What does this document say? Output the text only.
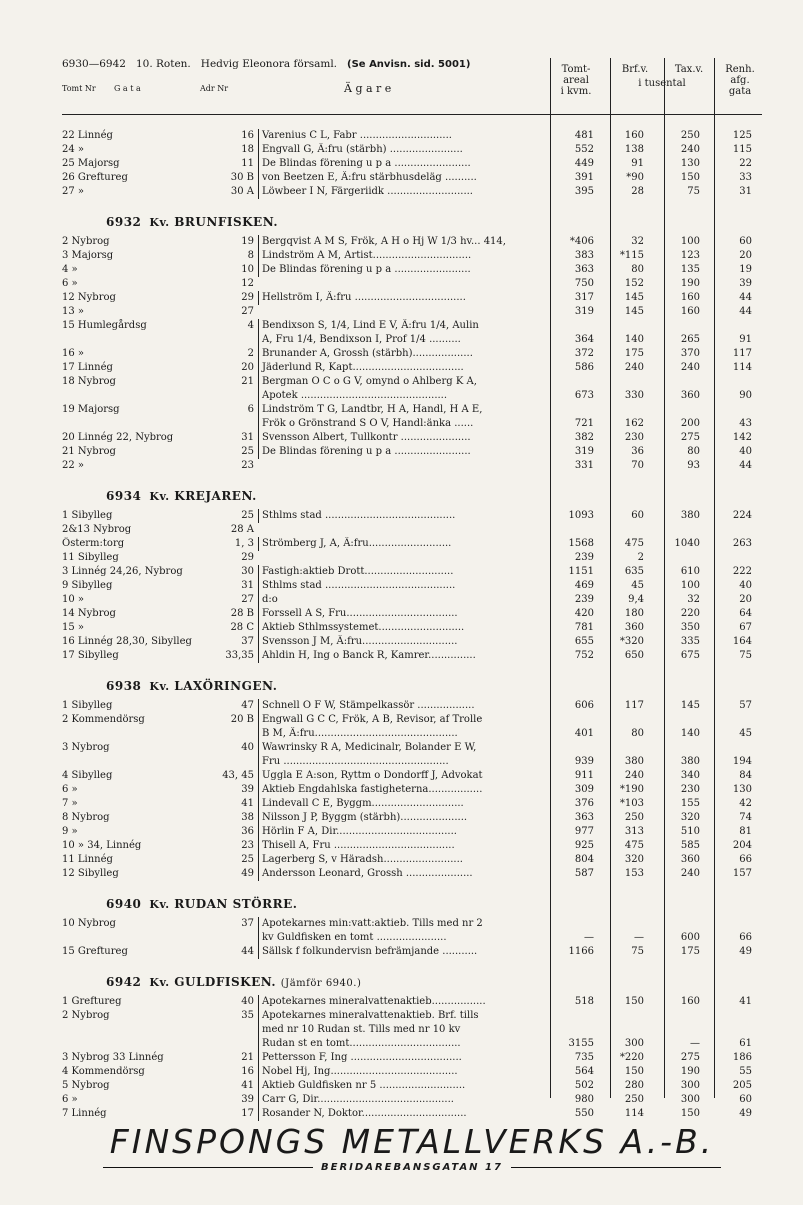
6930—6942 10. Roten. Hedvig Eleonora församl. (Se Anvisn. sid. 5001)
Tomt Nr G a t a	Adr Nr	Ä g a r e
Tomt-
areal
i kvm.
Brf.v.	Tax.v.
i tusental
Renh.
afg.
gata
22 Linnég	16 Varenius C L, Fabr .............................	481	160	250	125
24 »	18 Engvall G, Ä:fru (stärbh) .......................	552	138	240	115
25 Majorsg	11 De Blindas förening u p a ........................	449	91	130	22
26 Greftureg	30 B von Beetzen E, Ä:fru stärbhusdeläg ..........	391	*90	150	33
27 »	30 A Löwbeer I N, Färgeriidk ...........................	395	28	75	31
6932 Kv. BRUNFISKEN.
2 Nybrog	19 Bergqvist A M S, Frök, A H o Hj W 1/3 hv... 414,	*406	32	100	60
3 Majorsg	8 Lindström A M, Artist...............................	383	*115	123	20
4 »	10 De Blindas förening u p a ........................	363	80	135	19
6 »	12	750	152	190	39
12 Nybrog	29 Hellström I, Ä:fru ...................................	317	145	160	44
13 »	27	319	145	160	44
15 Humlegårdsg	4 Bendixson S, 1/4, Lind E V, Ä:fru 1/4, Aulin
A, Fru 1/4, Bendixson I, Prof 1/4 ..........	364	140	265	91
16 »	2 Brunander A, Grossh (stärbh)...................	372	175	370	117
17 Linnég	20 Jäderlund R, Kapt...................................	586	240	240	114
18 Nybrog	21 Bergman O C o G V, omynd o Ahlberg K A,
Apotek ..............................................	673	330	360	90
19 Majorsg	6 Lindström T G, Landtbr, H A, Handl, H A E,
Frök o Grönstrand S O V, Handl:änka ......	721	162	200	43
20 Linnég 22, Nybrog	31 Svensson Albert, Tullkontr ......................	382	230	275	142
21 Nybrog	25 De Blindas förening u p a ........................	319	36	80	40
22 »	23	331	70	93	44
6934 Kv. KREJAREN.
1 Sibylleg	25 Sthlms stad .........................................	1093	60	380	224
2&13 Nybrog	28 A
Österm:torg	1, 3 Strömberg J, A, Ä:fru..........................	1568	475	1040	263
11 Sibylleg	29	239	2
3 Linnég 24,26, Nybrog	30 Fastigh:aktieb Drott............................	1151	635	610	222
9 Sibylleg	31 Sthlms stad .........................................	469	45	100	40
10 »	27 d:o	239	9,4	32	20
14 Nybrog	28 B Forssell A S, Fru...................................	420	180	220	64
15 »	28 C Aktieb Sthlmssystemet...........................	781	360	350	67
16 Linnég 28,30, Sibylleg	37 Svensson J M, Ä:fru..............................	655	*320	335	164
17 Sibylleg	33,35 Ahldin H, Ing o Banck R, Kamrer...............	752	650	675	75
6938 Kv. LAXÖRINGEN.
1 Sibylleg	47 Schnell O F W, Stämpelkassör ..................	606	117	145	57
2 Kommendörsg	20 B Engwall G C C, Frök, A B, Revisor, af Trolle
B M, Ä:fru.............................................	401	80	140	45
3 Nybrog	40 Wawrinsky R A, Medicinalr, Bolander E W,
Fru ....................................................	939	380	380	194
4 Sibylleg	43, 45 Uggla E A:son, Ryttm o Dondorff J, Advokat	911	240	340	84
6 »	39 Aktieb Engdahlska fastigheterna.................	309	*190	230	130
7 »	41 Lindevall C E, Byggm.............................	376	*103	155	42
8 Nybrog	38 Nilsson J P, Byggm (stärbh).....................	363	250	320	74
9 »	36 Hörlin F A, Dir......................................	977	313	510	81
10 » 34, Linnég	23 Thisell A, Fru ......................................	925	475	585	204
11 Linnég	25 Lagerberg S, v Häradsh.........................	804	320	360	66
12 Sibylleg	49 Andersson Leonard, Grossh .....................	587	153	240	157
6940 Kv. RUDAN STÖRRE.
10 Nybrog	37 Apotekarnes min:vatt:aktieb. Tills med nr 2
kv Guldfisken en tomt ......................	—	—	600	66
15 Greftureg	44 Sällsk f folkundervisn befrämjande ...........	1166	75	175	49
6942 Kv. GULDFISKEN. (Jämför 6940.)
1 Greftureg	40 Apotekarnes mineralvattenaktieb.................	518	150	160	41
2 Nybrog	35 Apotekarnes mineralvattenaktieb. Brf. tills
med nr 10 Rudan st. Tills med nr 10 kv
Rudan st en tomt...................................	3155	300	—	61
3 Nybrog 33 Linnég	21 Pettersson F, Ing ...................................	735	*220	275	186
4 Kommendörsg	16 Nobel Hj, Ing........................................	564	150	190	55
5 Nybrog	41 Aktieb Guldfisken nr 5 ...........................	502	280	300	205
6 »	39 Carr G, Dir...........................................	980	250	300	60
7 Linnég	17 Rosander N, Doktor.................................	550	114	150	49
FINSPONGS METALLVERKS A.-B.
BERIDAREBANSGATAN 17
